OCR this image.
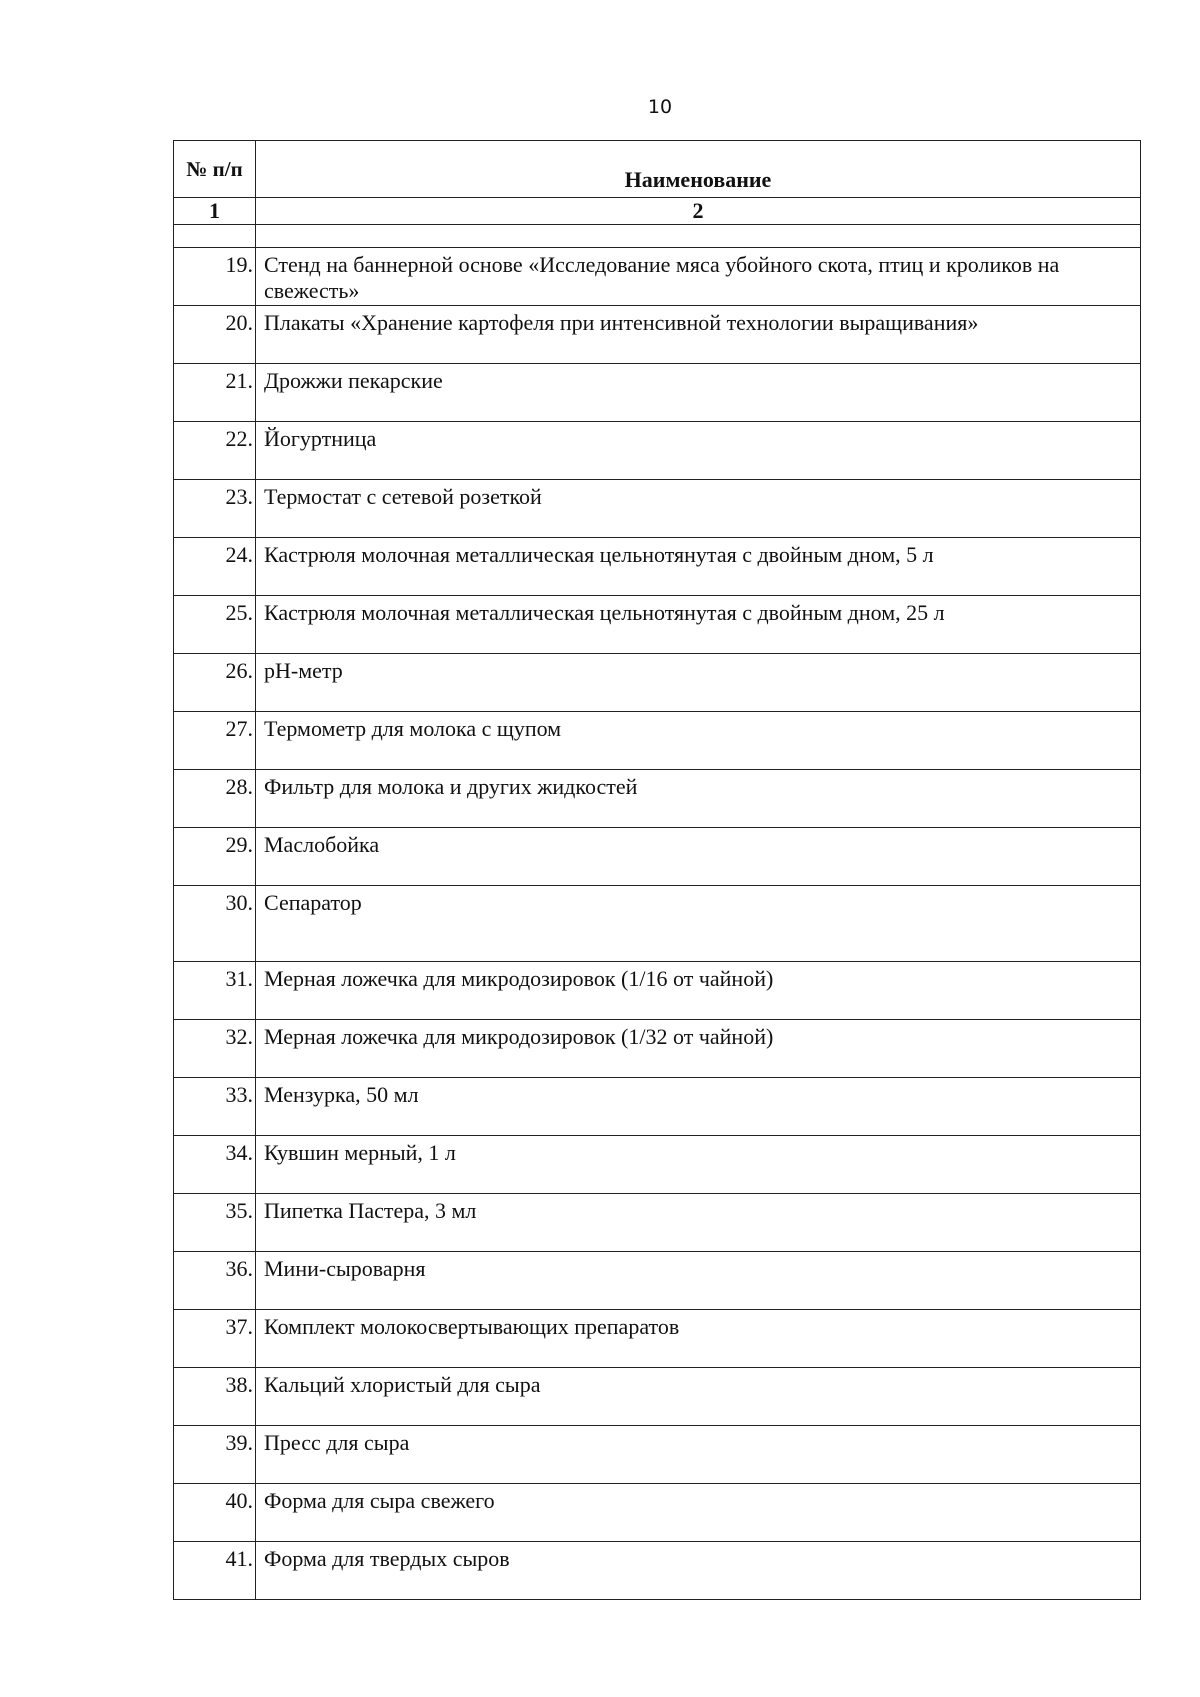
10
№ п/п	Наименование
1	2

19.	Стенд на баннерной основе «Исследование мяса убойного скота, птиц и кроликов на свежесть»
20.	Плакаты «Хранение картофеля при интенсивной технологии выращивания»
21.	Дрожжи пекарские
22.	Йогуртница
23.	Термостат с сетевой розеткой
24.	Кастрюля молочная металлическая цельнотянутая с двойным дном, 5 л
25.	Кастрюля молочная металлическая цельнотянутая с двойным дном, 25 л
26.	pH-метр
27.	Термометр для молока с щупом
28.	Фильтр для молока и других жидкостей
29.	Маслобойка
30.	Сепаратор
31.	Мерная ложечка для микродозировок (1/16 от чайной)
32.	Мерная ложечка для микродозировок (1/32 от чайной)
33.	Мензурка, 50 мл
34.	Кувшин мерный, 1 л
35.	Пипетка Пастера, 3 мл
36.	Мини-сыроварня
37.	Комплект молокосвертывающих препаратов
38.	Кальций хлористый для сыра
39.	Пресс для сыра
40.	Форма для сыра свежего
41.	Форма для твердых сыров
